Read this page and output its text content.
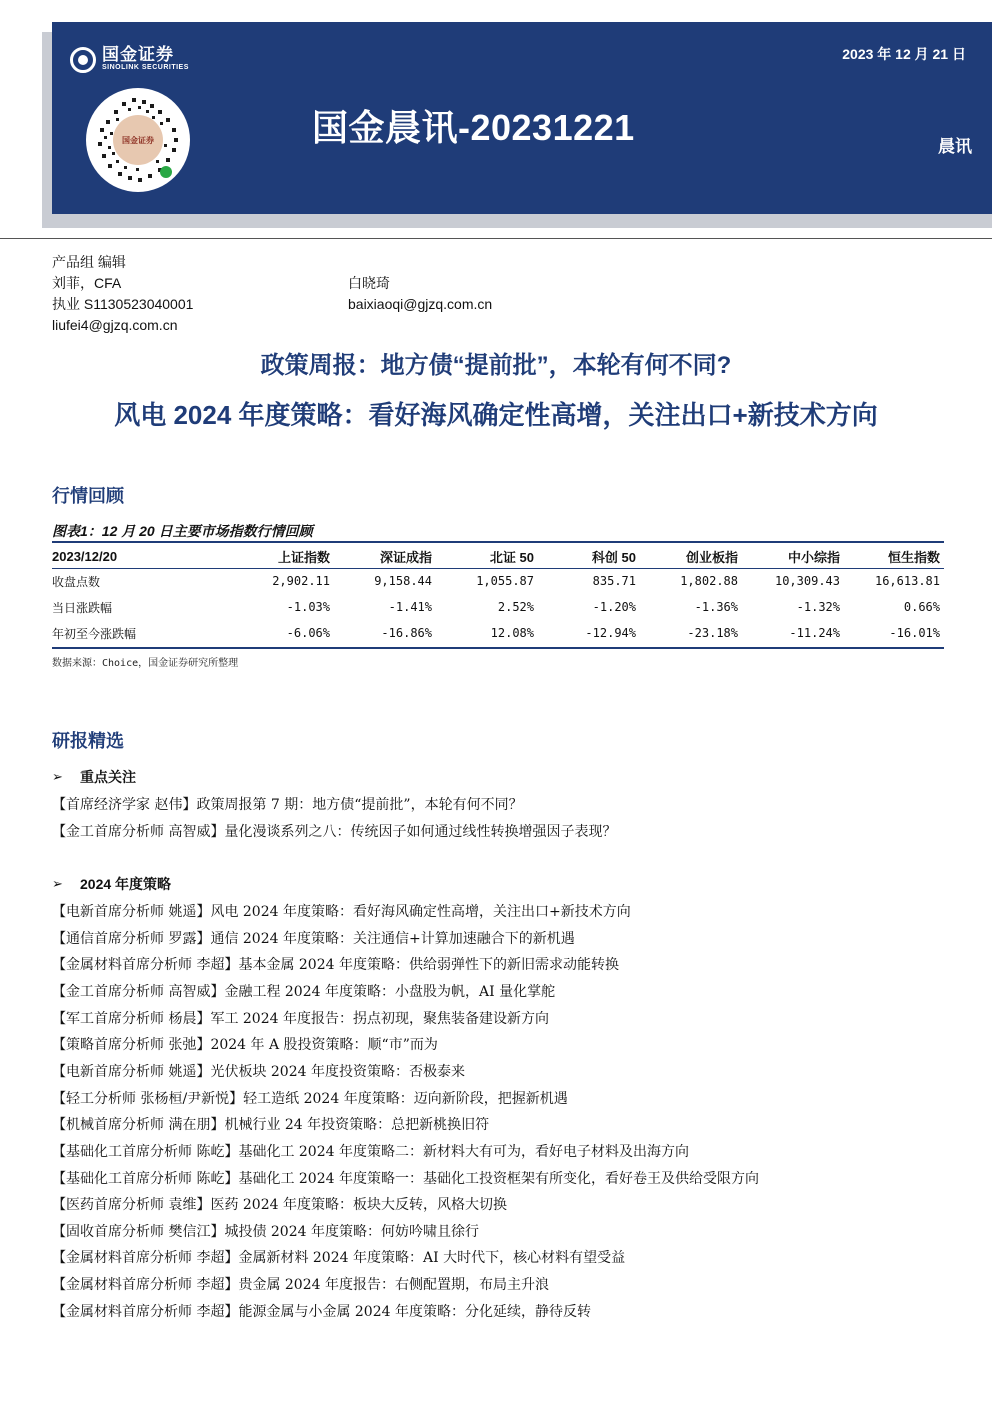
国金证券
SINOLINK SECURITIES
国金证券
2023 年 12 月 21 日
国金晨讯-20231221	晨讯
产品组 编辑
刘菲，CFA
执业 S1130523040001
liufei4@gjzq.com.cn
白晓琦
baixiaoqi@gjzq.com.cn
政策周报：地方债“提前批”，本轮有何不同?
风电 2024 年度策略：看好海风确定性高增，关注出口+新技术方向
行情回顾
图表1：12 月 20 日主要市场指数行情回顾
2023/12/20	上证指数	深证成指	北证 50	科创 50	创业板指	中小综指	恒生指数
收盘点数	2,902.11	9,158.44	1,055.87	835.71	1,802.88	10,309.43	16,613.81
当日涨跌幅	-1.03%	-1.41%	2.52%	-1.20%	-1.36%	-1.32%	0.66%
年初至今涨跌幅	-6.06%	-16.86%	12.08%	-12.94%	-23.18%	-11.24%	-16.01%
数据来源：Choice，国金证券研究所整理
研报精选
➢	重点关注
【首席经济学家 赵伟】政策周报第 7 期：地方债“提前批”，本轮有何不同？
【金工首席分析师 高智威】量化漫谈系列之八：传统因子如何通过线性转换增强因子表现？
➢	2024 年度策略
【电新首席分析师 姚遥】风电 2024 年度策略：看好海风确定性高增，关注出口+新技术方向
【通信首席分析师 罗露】通信 2024 年度策略：关注通信+计算加速融合下的新机遇
【金属材料首席分析师 李超】基本金属 2024 年度策略：供给弱弹性下的新旧需求动能转换
【金工首席分析师 高智威】金融工程 2024 年度策略：小盘股为帆，AI 量化掌舵
【军工首席分析师 杨晨】军工 2024 年度报告：拐点初现，聚焦装备建设新方向
【策略首席分析师 张弛】2024 年 A 股投资策略：顺“市”而为
【电新首席分析师 姚遥】光伏板块 2024 年度投资策略：否极泰来
【轻工分析师 张杨桓/尹新悦】轻工造纸 2024 年度策略：迈向新阶段，把握新机遇
【机械首席分析师 满在朋】机械行业 24 年投资策略：总把新桃换旧符
【基础化工首席分析师 陈屹】基础化工 2024 年度策略二：新材料大有可为，看好电子材料及出海方向
【基础化工首席分析师 陈屹】基础化工 2024 年度策略一：基础化工投资框架有所变化，看好卷王及供给受限方向
【医药首席分析师 袁维】医药 2024 年度策略：板块大反转，风格大切换
【固收首席分析师 樊信江】城投债 2024 年度策略：何妨吟啸且徐行
【金属材料首席分析师 李超】金属新材料 2024 年度策略：AI 大时代下，核心材料有望受益
【金属材料首席分析师 李超】贵金属 2024 年度报告：右侧配置期，布局主升浪
【金属材料首席分析师 李超】能源金属与小金属 2024 年度策略：分化延续，静待反转
